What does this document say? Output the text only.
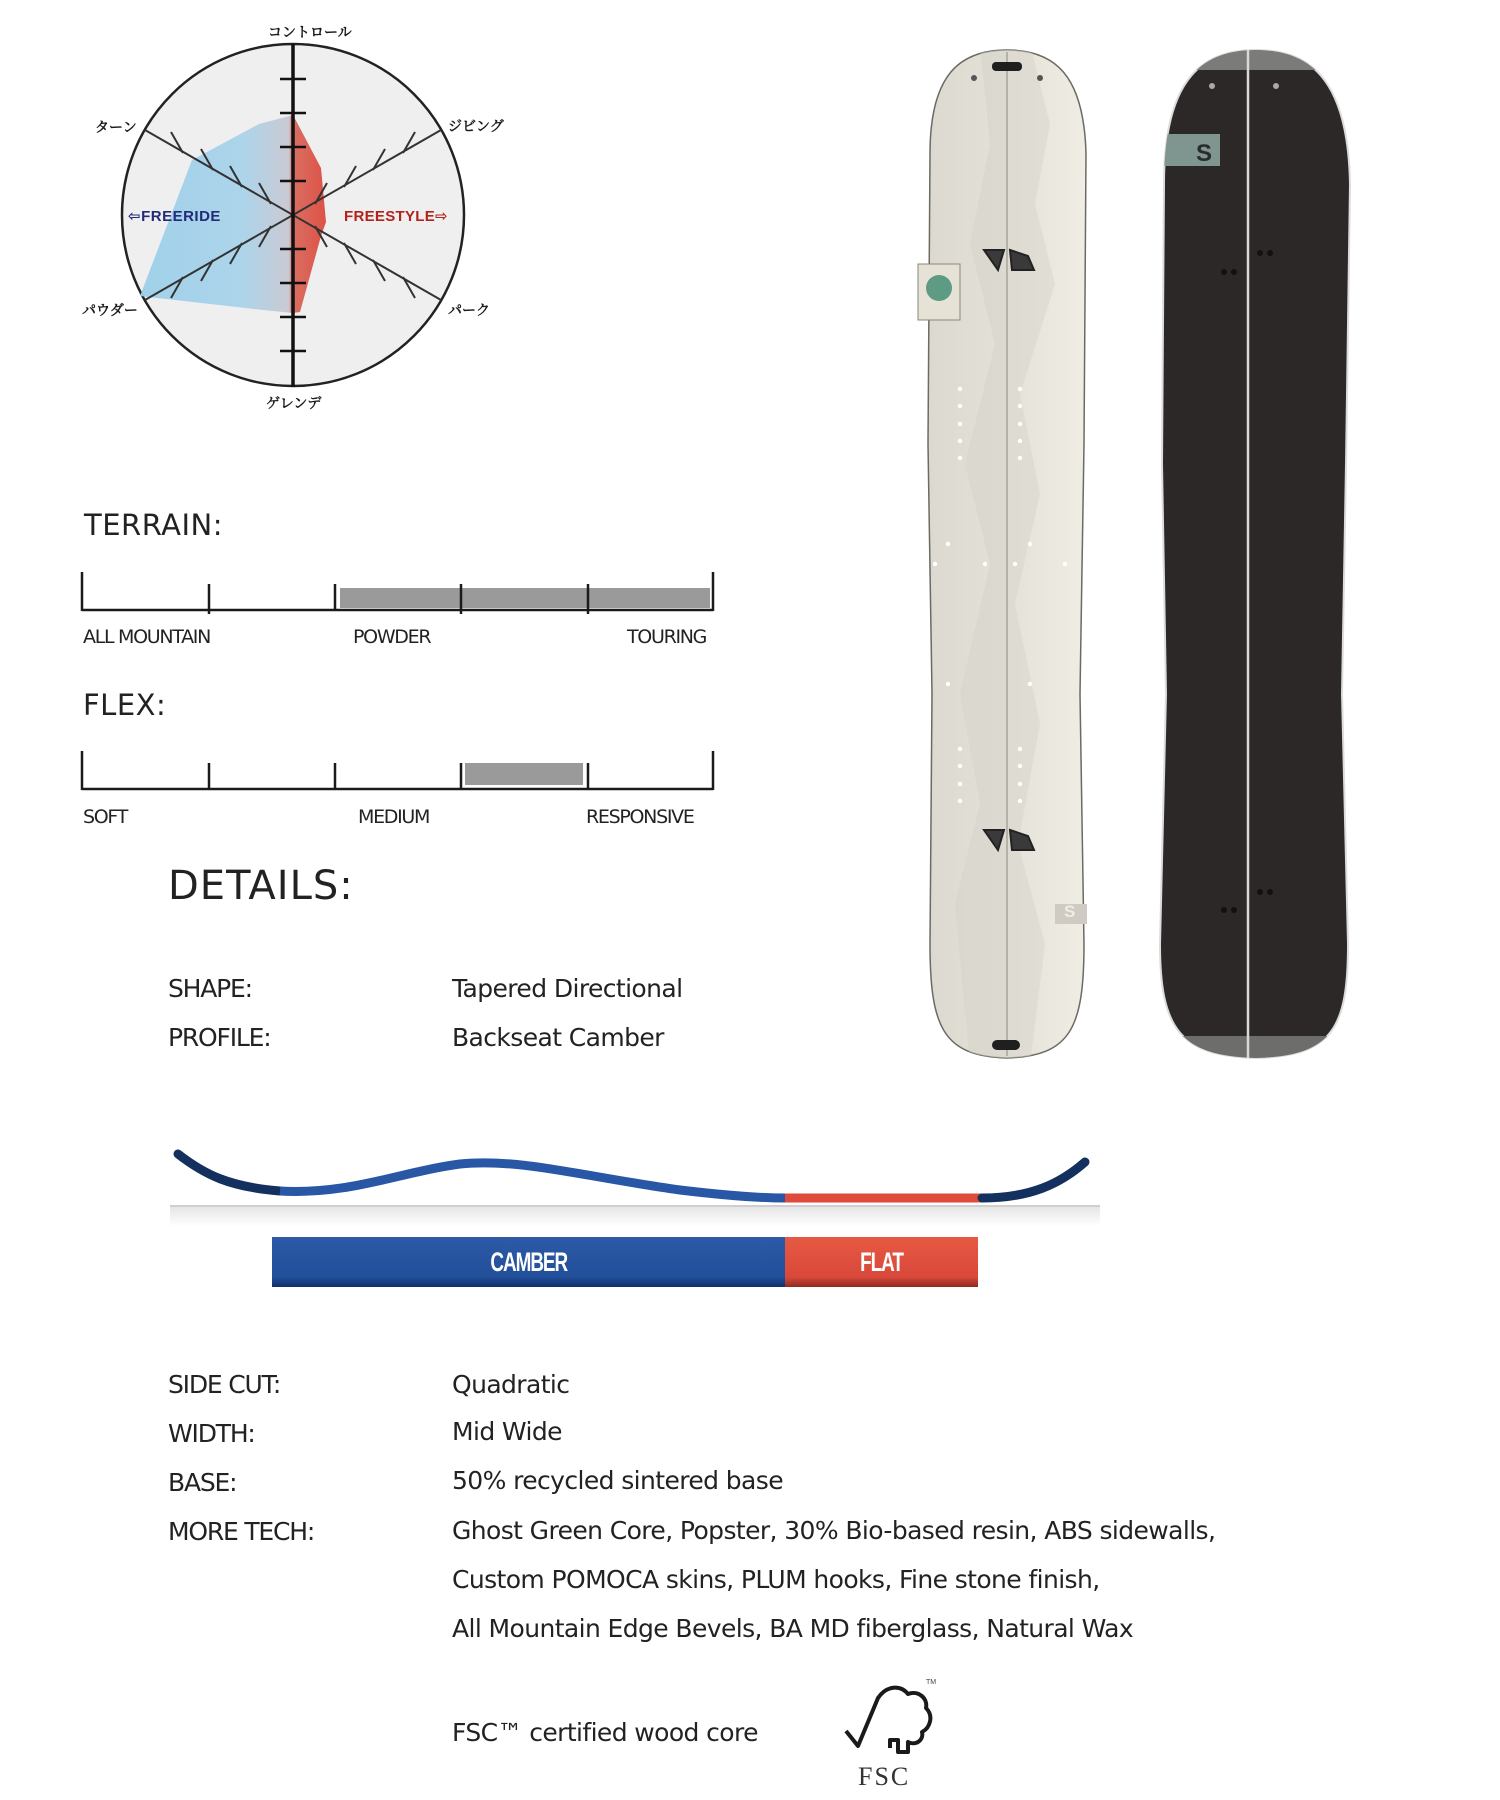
コントロール
ジビング
パーク
ゲレンデ
パウダー
ターン
⇦FREERIDE	FREESTYLE⇨
TERRAIN:
ALL MOUNTAIN	POWDER	TOURING
FLEX:
SOFT	MEDIUM	RESPONSIVE
DETAILS:
SHAPE:	Tapered Directional
PROFILE:	Backseat Camber
CAMBER	FLAT
SIDE CUT:	Quadratic
WIDTH:	Mid Wide
BASE:	50% recycled sintered base
MORE TECH:	Ghost Green Core, Popster, 30% Bio-based resin, ABS sidewalls,
Custom POMOCA skins, PLUM hooks, Fine stone finish,
All Mountain Edge Bevels, BA MD fiberglass, Natural Wax
FSC™ certified wood core
TM
FSC
S
S
